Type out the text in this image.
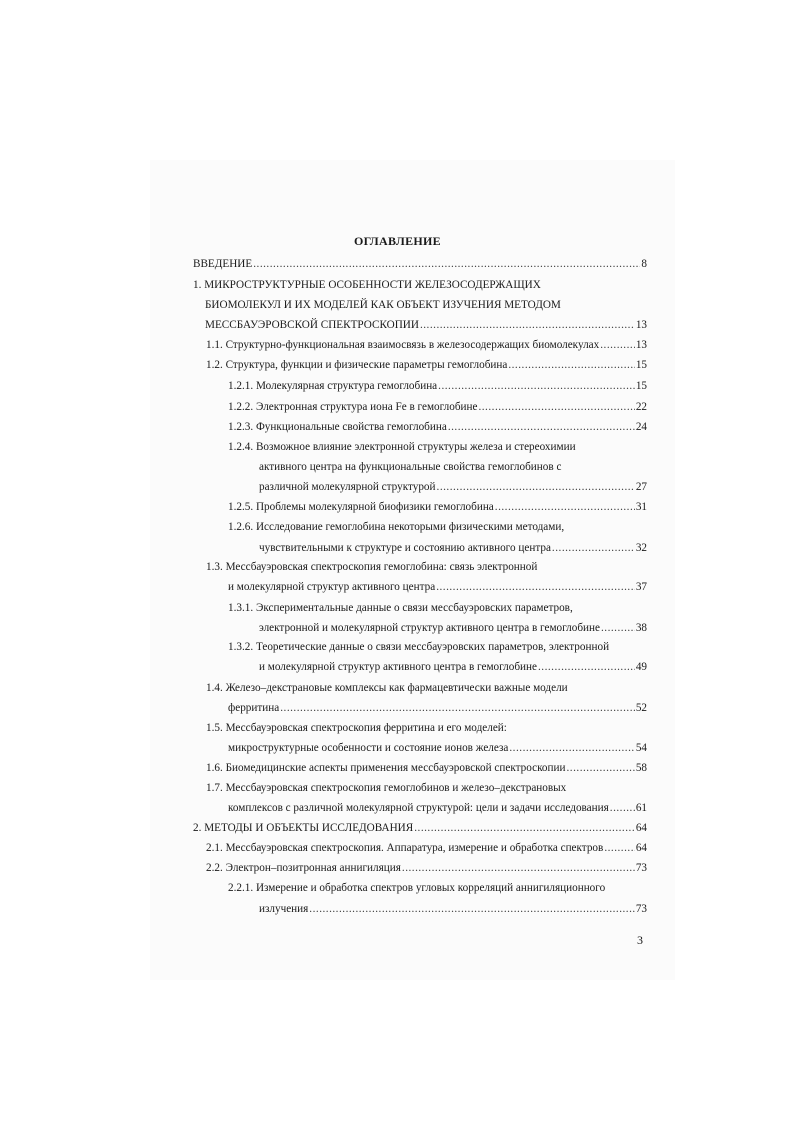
ОГЛАВЛЕНИЕ
ВВЕДЕНИЕ .....	8
1. МИКРОСТРУКТУРНЫЕ ОСОБЕННОСТИ ЖЕЛЕЗОСОДЕРЖАЩИХ
БИОМОЛЕКУЛ И ИХ МОДЕЛЕЙ КАК ОБЪЕКТ ИЗУЧЕНИЯ МЕТОДОМ
МЕССБАУЭРОВСКОЙ СПЕКТРОСКОПИИ .....	13
1.1. Структурно-функциональная взаимосвязь в железосодержащих биомолекулах .....	13
1.2. Структура, функции и физические параметры гемоглобина .....	15
1.2.1. Молекулярная структура гемоглобина .....	15
1.2.2. Электронная структура иона Fe в гемоглобине .....	22
1.2.3. Функциональные свойства гемоглобина .....	24
1.2.4. Возможное влияние электронной структуры железа и стереохимии
активного центра на функциональные свойства гемоглобинов с
различной молекулярной структурой .....	27
1.2.5. Проблемы молекулярной биофизики гемоглобина .....	31
1.2.6. Исследование гемоглобина некоторыми физическими методами,
чувствительными к структуре и состоянию активного центра .....	32
1.3. Мессбауэровская спектроскопия гемоглобина: связь электронной
и молекулярной структур активного центра .....	37
1.3.1. Экспериментальные данные о связи мессбауэровских параметров,
электронной и молекулярной структур активного центра в гемоглобине .....	38
1.3.2. Теоретические данные о связи мессбауэровских параметров, электронной
и молекулярной структур активного центра в гемоглобине .....	49
1.4. Железо–декстрановые комплексы как фармацевтически важные модели
ферритина .....	52
1.5. Мессбауэровская спектроскопия ферритина и его моделей:
микроструктурные особенности и состояние ионов железа .....	54
1.6. Биомедицинские аспекты применения мессбауэровской спектроскопии .....	58
1.7. Мессбауэровская спектроскопия гемоглобинов и железо–декстрановых
комплексов с различной молекулярной структурой: цели и задачи исследования ..... 61
2. МЕТОДЫ И ОБЪЕКТЫ ИССЛЕДОВАНИЯ .....	64
2.1. Мессбауэровская спектроскопия. Аппаратура, измерение и обработка спектров .....	64
2.2. Электрон–позитронная аннигиляция .....	73
2.2.1. Измерение и обработка спектров угловых корреляций аннигиляционного
излучения .....	73
3
